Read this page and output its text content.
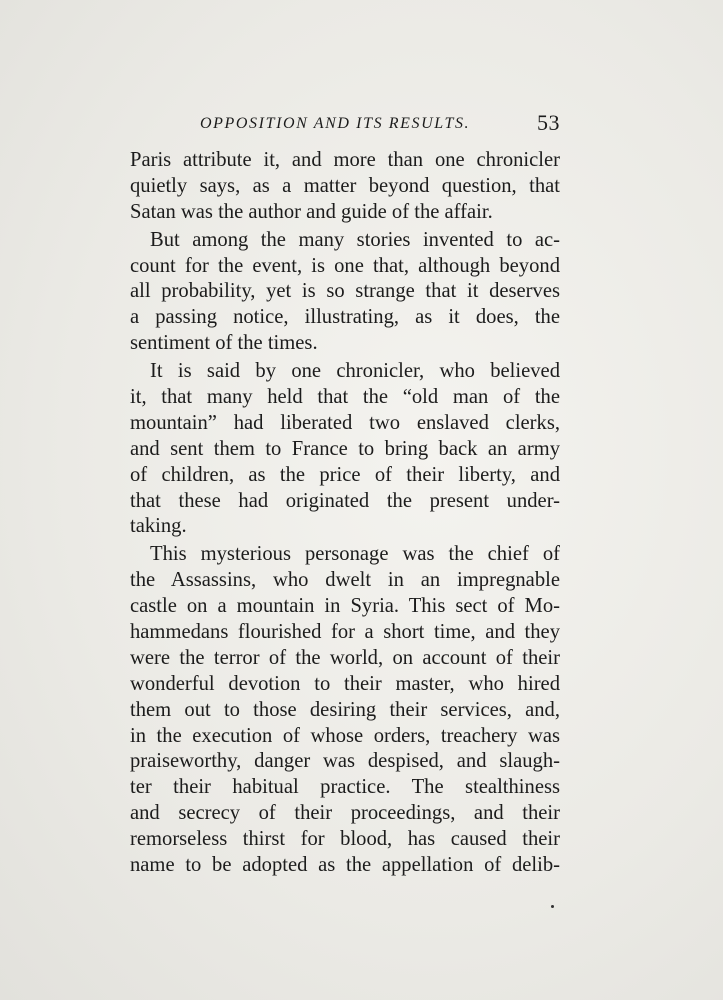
OPPOSITION AND ITS RESULTS.	53
Paris attribute it, and more than one chronicler
quietly says, as a matter beyond question, that
Satan was the author and guide of the affair.
But among the many stories invented to ac-
count for the event, is one that, although beyond
all probability, yet is so strange that it deserves
a passing notice, illustrating, as it does, the
sentiment of the times.
It is said by one chronicler, who believed
it, that many held that the “old man of the
mountain” had liberated two enslaved clerks,
and sent them to France to bring back an army
of children, as the price of their liberty, and
that these had originated the present under-
taking.
This mysterious personage was the chief of
the Assassins, who dwelt in an impregnable
castle on a mountain in Syria. This sect of Mo-
hammedans flourished for a short time, and they
were the terror of the world, on account of their
wonderful devotion to their master, who hired
them out to those desiring their services, and,
in the execution of whose orders, treachery was
praiseworthy, danger was despised, and slaugh-
ter their habitual practice. The stealthiness
and secrecy of their proceedings, and their
remorseless thirst for blood, has caused their
name to be adopted as the appellation of delib-
